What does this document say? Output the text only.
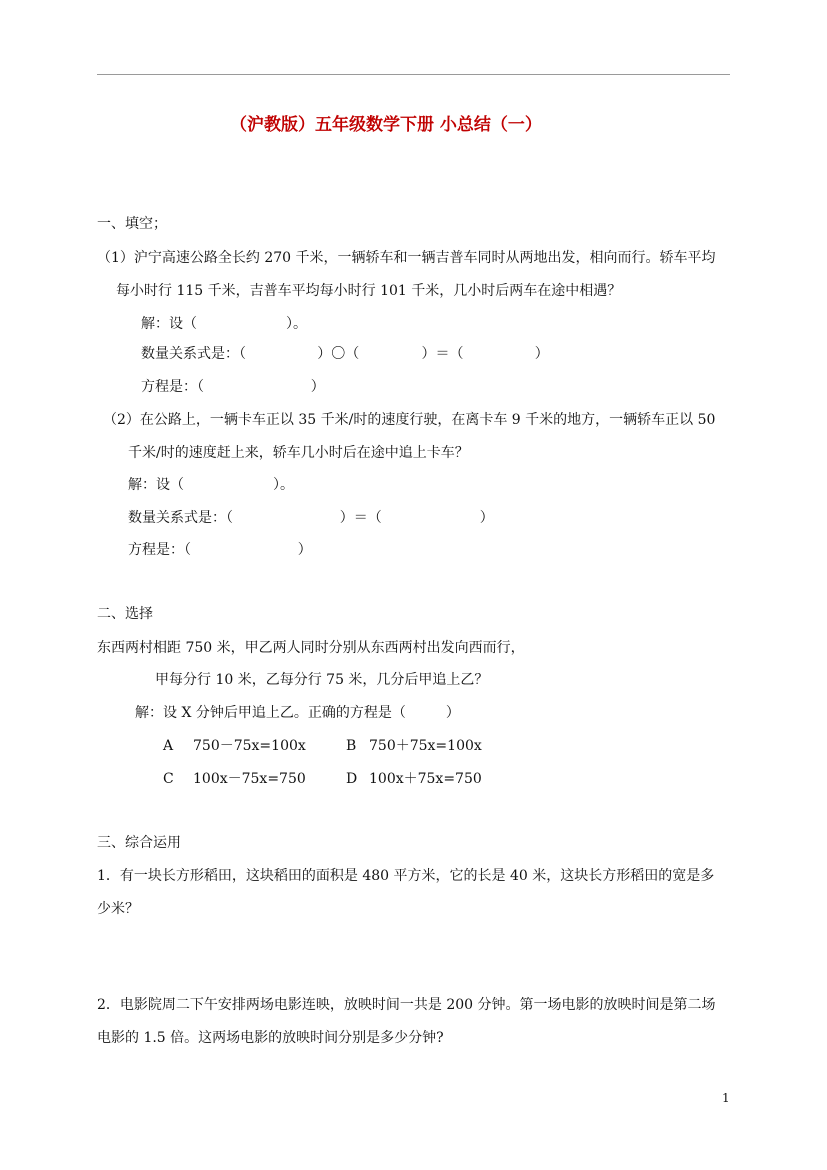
（沪教版）五年级数学下册 小总结（一）
一、填空；
（1）沪宁高速公路全长约 270 千米，一辆轿车和一辆吉普车同时从两地出发，相向而行。轿车平均
每小时行 115 千米，吉普车平均每小时行 101 千米，几小时后两车在途中相遇？
解：设（                    ）。
数量关系式是：（                ）〇（              ）＝（                ）
方程是：（                        ）
（2）在公路上，一辆卡车正以 35 千米/时的速度行驶，在离卡车 9 千米的地方，一辆轿车正以 50
千米/时的速度赶上来，轿车几小时后在途中追上卡车？
解：设（                    ）。
数量关系式是：（                        ）＝（                      ）
方程是：（                        ）
二、选择
东西两村相距 750 米，甲乙两人同时分别从东西两村出发向西而行，
甲每分行 10 米，乙每分行 75 米，几分后甲追上乙？
解：设 X 分钟后甲追上乙。正确的方程是（         ）
A 750－75x=100x	B 750＋75x=100x
C 100x－75x=750	D 100x＋75x=750
三、综合运用
1．有一块长方形稻田，这块稻田的面积是 480 平方米，它的长是 40 米，这块长方形稻田的宽是多
少米？
2．电影院周二下午安排两场电影连映，放映时间一共是 200 分钟。第一场电影的放映时间是第二场
电影的 1.5 倍。这两场电影的放映时间分别是多少分钟?
1
